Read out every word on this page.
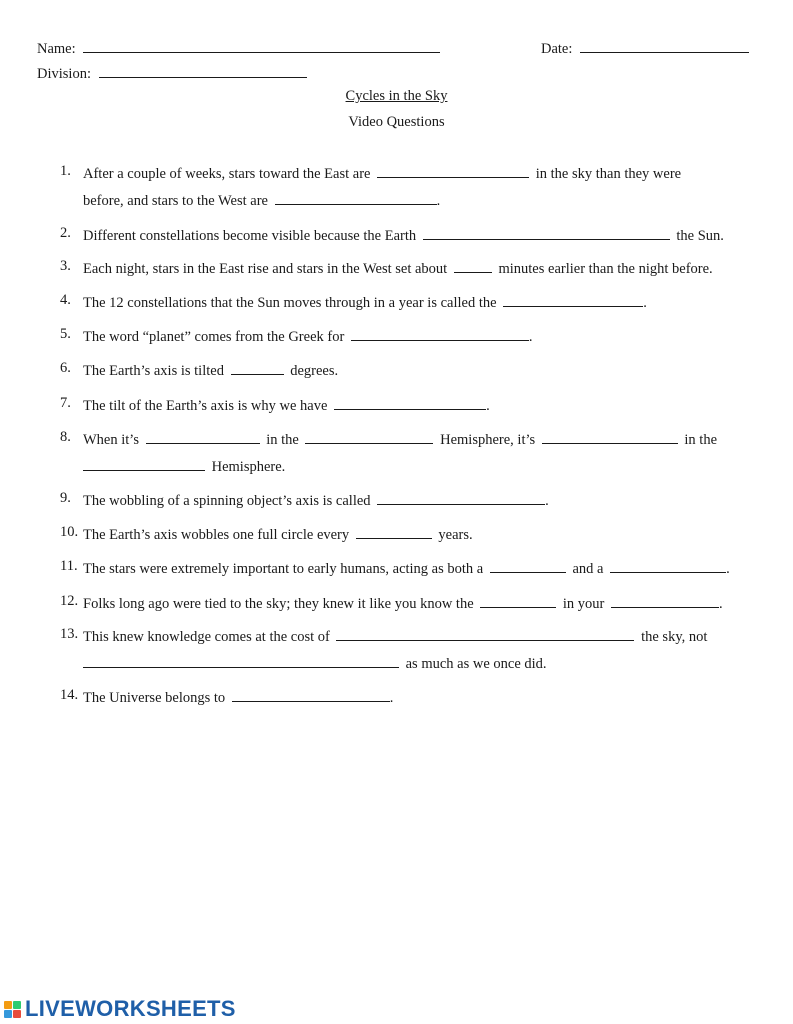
Name:	Date:
Division:
Cycles in the Sky
Video Questions
1. After a couple of weeks, stars toward the East are	in the sky than they were
before, and stars to the West are	.
2. Different constellations become visible because the Earth	the Sun.
3. Each night, stars in the East rise and stars in the West set about	minutes earlier than the night before.
4. The 12 constellations that the Sun moves through in a year is called the	.
5. The word “planet” comes from the Greek for	.
6. The Earth’s axis is tilted	degrees.
7. The tilt of the Earth’s axis is why we have	.
8. When it’s	in the	Hemisphere, it’s	in the
Hemisphere.
9. The wobbling of a spinning object’s axis is called	.
10. The Earth’s axis wobbles one full circle every	years.
11. The stars were extremely important to early humans, acting as both a	and a	.
12. Folks long ago were tied to the sky; they knew it like you know the	in your	.
13. This knew knowledge comes at the cost of	the sky, not
as much as we once did.
14. The Universe belongs to	.
LIVEWORKSHEETS
